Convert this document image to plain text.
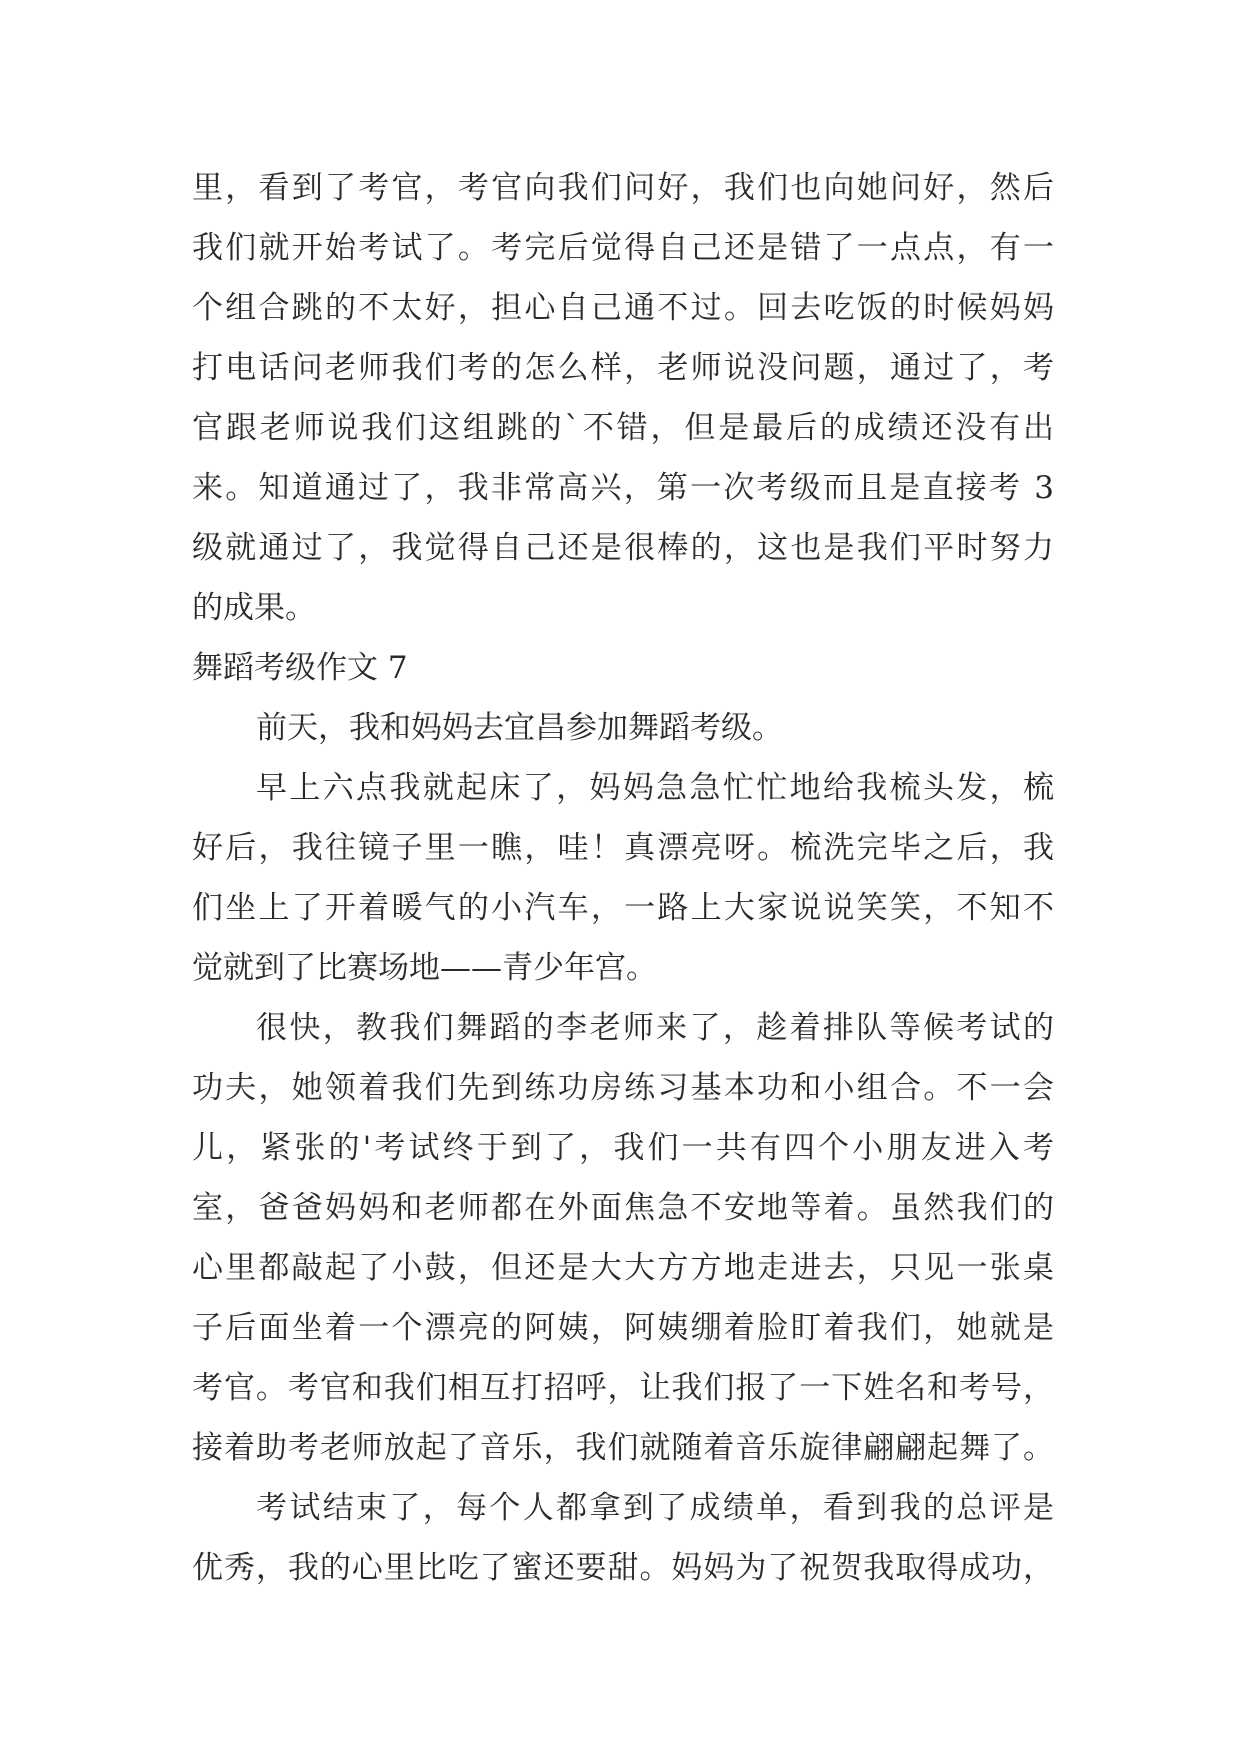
里，看到了考官，考官向我们问好，我们也向她问好，然后
我们就开始考试了。考完后觉得自己还是错了一点点，有一
个组合跳的不太好，担心自己通不过。回去吃饭的时候妈妈
打电话问老师我们考的怎么样，老师说没问题，通过了，考
官跟老师说我们这组跳的`不错，但是最后的成绩还没有出
来。知道通过了，我非常高兴，第一次考级而且是直接考 3
级就通过了，我觉得自己还是很棒的，这也是我们平时努力
的成果。
舞蹈考级作文 7
前天，我和妈妈去宜昌参加舞蹈考级。
早上六点我就起床了，妈妈急急忙忙地给我梳头发，梳
好后，我往镜子里一瞧，哇！真漂亮呀。梳洗完毕之后，我
们坐上了开着暖气的小汽车，一路上大家说说笑笑，不知不
觉就到了比赛场地——青少年宫。
很快，教我们舞蹈的李老师来了，趁着排队等候考试的
功夫，她领着我们先到练功房练习基本功和小组合。不一会
儿，紧张的'考试终于到了，我们一共有四个小朋友进入考
室，爸爸妈妈和老师都在外面焦急不安地等着。虽然我们的
心里都敲起了小鼓，但还是大大方方地走进去，只见一张桌
子后面坐着一个漂亮的阿姨，阿姨绷着脸盯着我们，她就是
考官。考官和我们相互打招呼，让我们报了一下姓名和考号，
接着助考老师放起了音乐，我们就随着音乐旋律翩翩起舞了。
考试结束了，每个人都拿到了成绩单，看到我的总评是
优秀，我的心里比吃了蜜还要甜。妈妈为了祝贺我取得成功，
